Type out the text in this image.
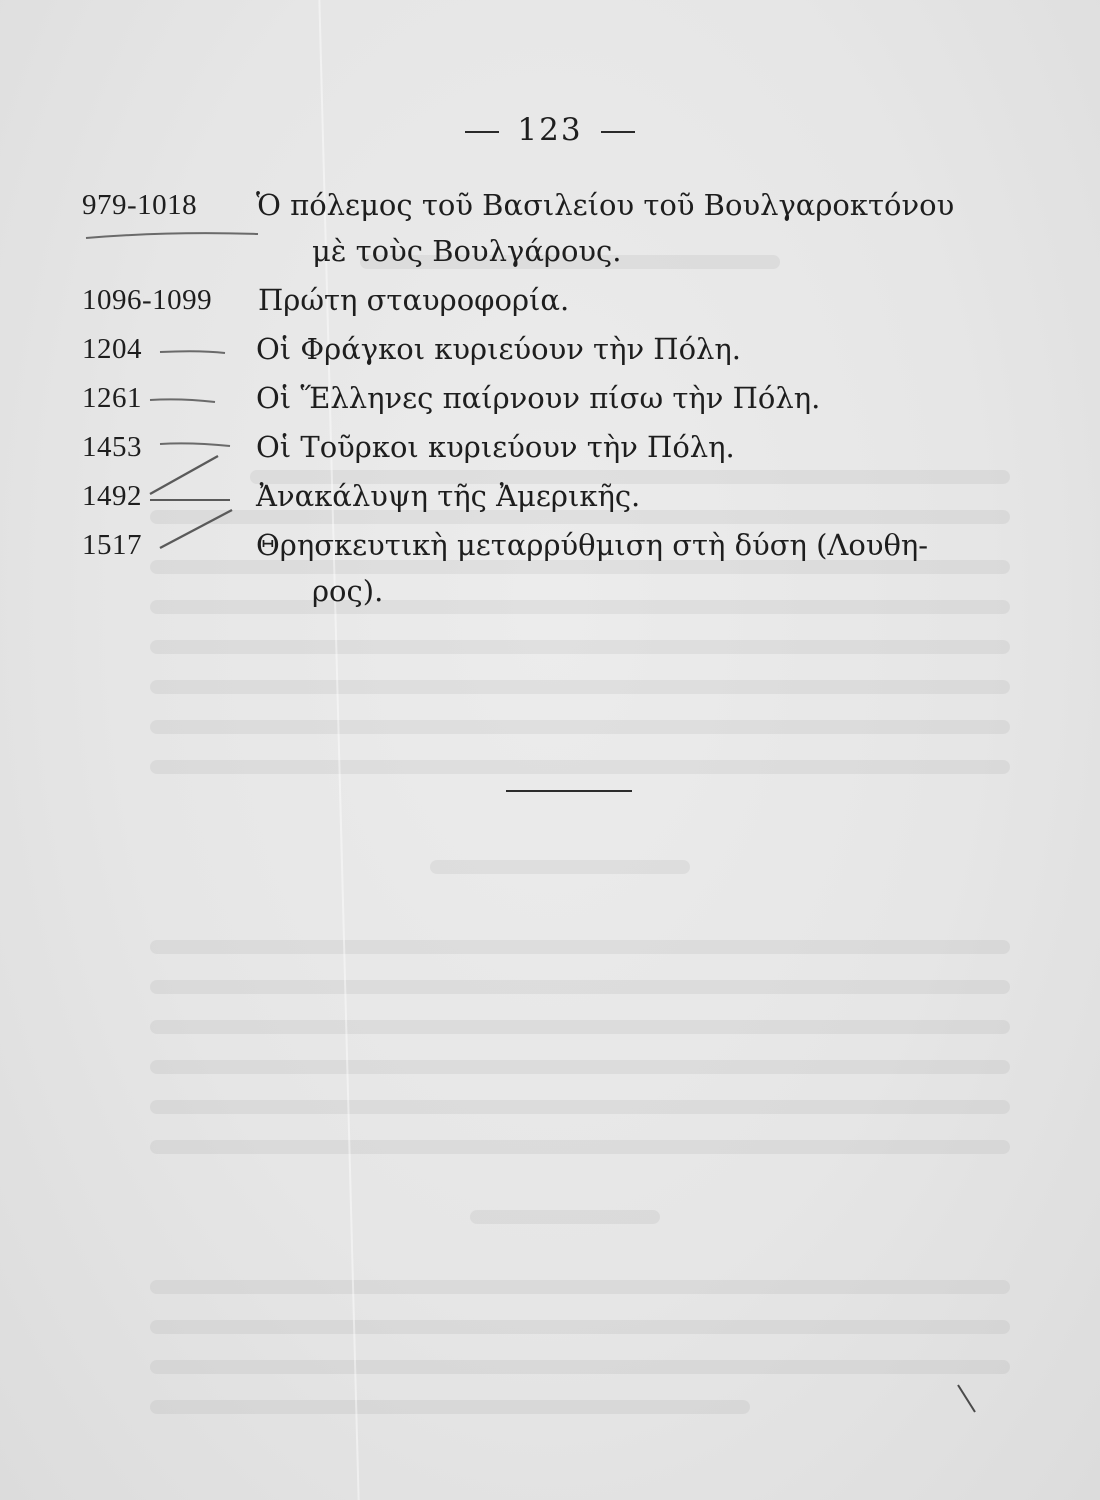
123
979-1018	Ὁ πόλεμος τοῦ Βασιλείου τοῦ Βουλγαροκτόνου
μὲ τοὺς Βουλγάρους.
1096-1099	Πρώτη σταυροφορία.
1204	Οἱ Φράγκοι κυριεύουν τὴν Πόλη.
1261	Οἱ Ἕλληνες παίρνουν πίσω τὴν Πόλη.
1453	Οἱ Τοῦρκοι κυριεύουν τὴν Πόλη.
1492	Ἀνακάλυψη τῆς Ἀμερικῆς.
1517	Θρησκευτικὴ μεταρρύθμιση στὴ δύση (Λουθη-
ρος).
